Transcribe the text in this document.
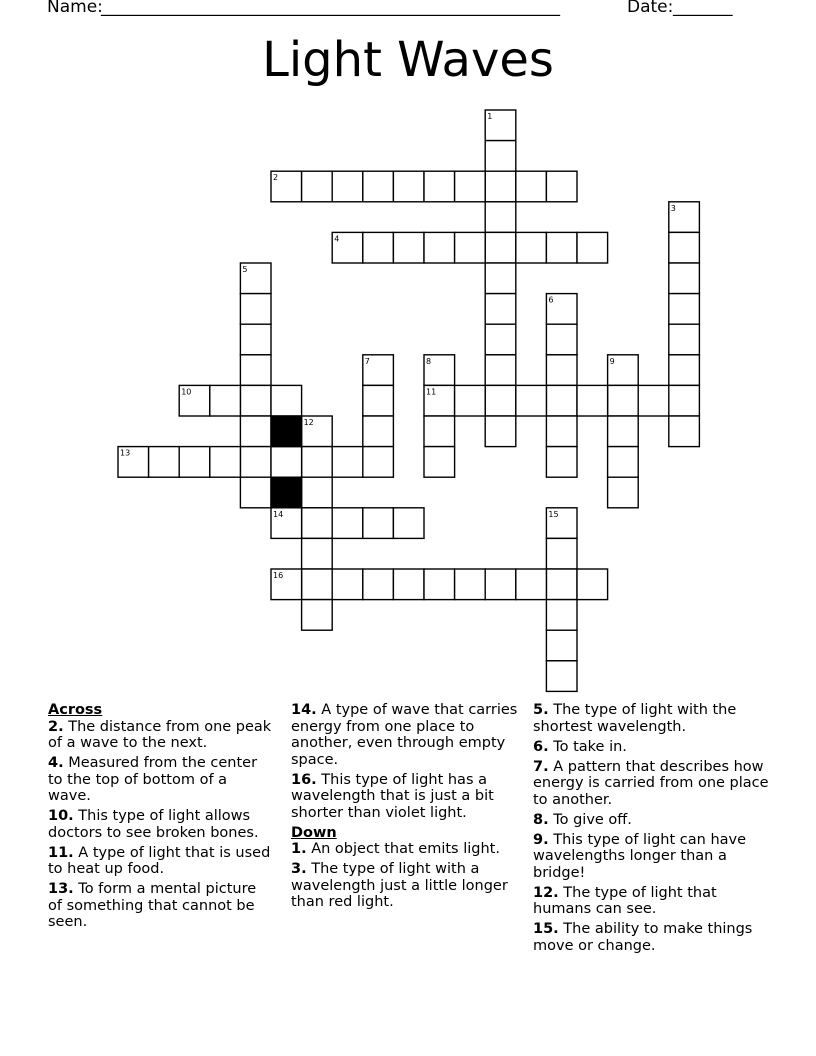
Name:
______________________________________________________	Date: _______
Light Waves
1
2
3
4
5
6
7	8	9
10	11
12
13
14	15
16
Across
2. The distance from one peak of a wave to the next.
4. Measured from the center to the top of bottom of a wave.
10. This type of light allows doctors to see broken bones.
11. A type of light that is used to heat up food.
13. To form a mental picture of something that cannot be seen.
14. A type of wave that carries energy from one place to another, even through empty space.
16. This type of light has a wavelength that is just a bit shorter than violet light.
Down
1. An object that emits light.
3. The type of light with a wavelength just a little longer than red light.
5. The type of light with the shortest wavelength.
6. To take in.
7. A pattern that describes how energy is carried from one place to another.
8. To give off.
9. This type of light can have wavelengths longer than a bridge!
12. The type of light that humans can see.
15. The ability to make things move or change.
